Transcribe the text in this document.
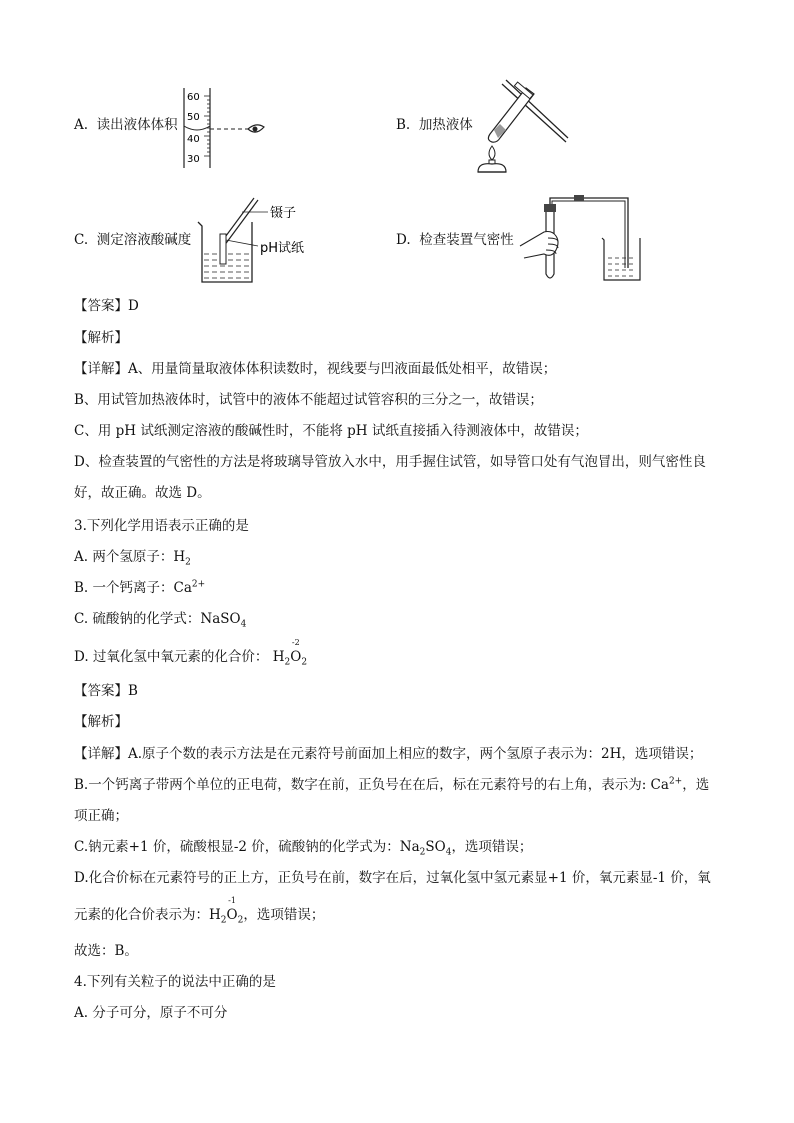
A. 读出液体体积
60
50
40
30
B. 加热液体
C. 测定溶液酸碱度
镊子
pH试纸
D. 检查装置气密性
【答案】D
【解析】
【详解】A、用量筒量取液体体积读数时，视线要与凹液面最低处相平，故错误；
B、用试管加热液体时，试管中的液体不能超过试管容积的三分之一，故错误；
C、用 pH 试纸测定溶液的酸碱性时，不能将 pH 试纸直接插入待测液体中，故错误；
D、检查装置的气密性的方法是将玻璃导管放入水中，用手握住试管，如导管口处有气泡冒出，则气密性良
好，故正确。故选 D。
3.下列化学用语表示正确的是
A. 两个氢原子：$H_2$
B. 一个钙离子：$Ca^{2+}$
C. 硫酸钠的化学式：NaSO$_4$
D. 过氧化氢中氧元素的化合价： $H_2$
-2
$O_2$
【答案】B
【解析】
【详解】A.原子个数的表示方法是在元素符号前面加上相应的数字，两个氢原子表示为：2H，选项错误；
B.一个钙离子带两个单位的正电荷，数字在前，正负号在在后，标在元素符号的右上角，表示为: $Ca^{2+}$，选
项正确；
C.钠元素+1 价，硫酸根显-2 价，硫酸钠的化学式为：$Na_2SO_4$，选项错误；
D.化合价标在元素符号的正上方，正负号在前，数字在后，过氧化氢中氢元素显+1 价，氧元素显-1 价，氧
元素的化合价表示为：$H_2$
-1
$O_2$，选项错误；
故选：B。
4.下列有关粒子的说法中正确的是
A. 分子可分，原子不可分
